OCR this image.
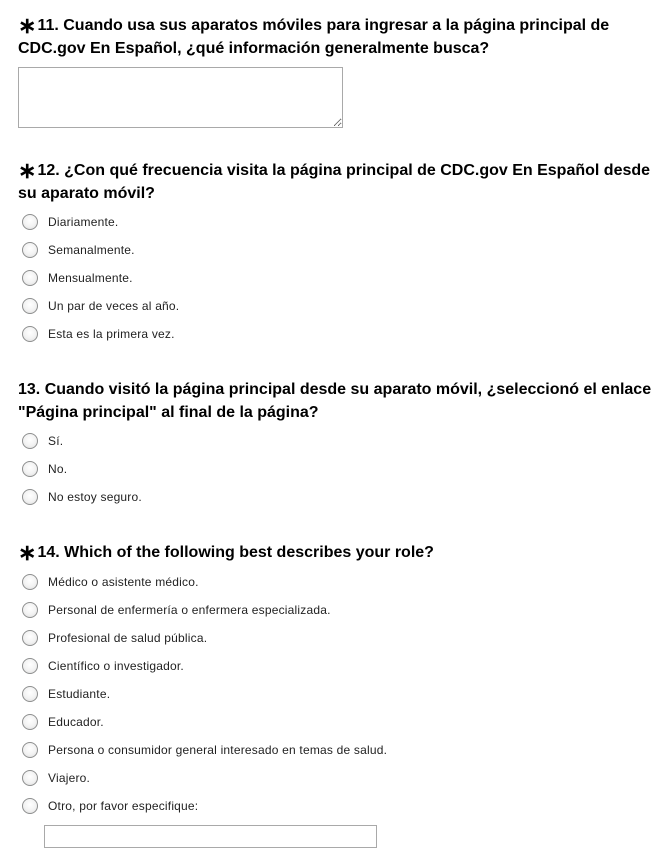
∗11. Cuando usa sus aparatos móviles para ingresar a la página principal de CDC.gov En Español, ¿qué información generalmente busca?

∗12. ¿Con qué frecuencia visita la página principal de CDC.gov En Español desde su aparato móvil?

Diariamente.
Semanalmente.
Mensualmente.
Un par de veces al año.
Esta es la primera vez.

13. Cuando visitó la página principal desde su aparato móvil, ¿seleccionó el enlace "Página principal" al final de la página?

Sí.
No.
No estoy seguro.

∗14. Which of the following best describes your role?

Médico o asistente médico.
Personal de enfermería o enfermera especializada.
Profesional de salud pública.
Científico o investigador.
Estudiante.
Educador.
Persona o consumidor general interesado en temas de salud.
Viajero.
Otro, por favor especifique:
